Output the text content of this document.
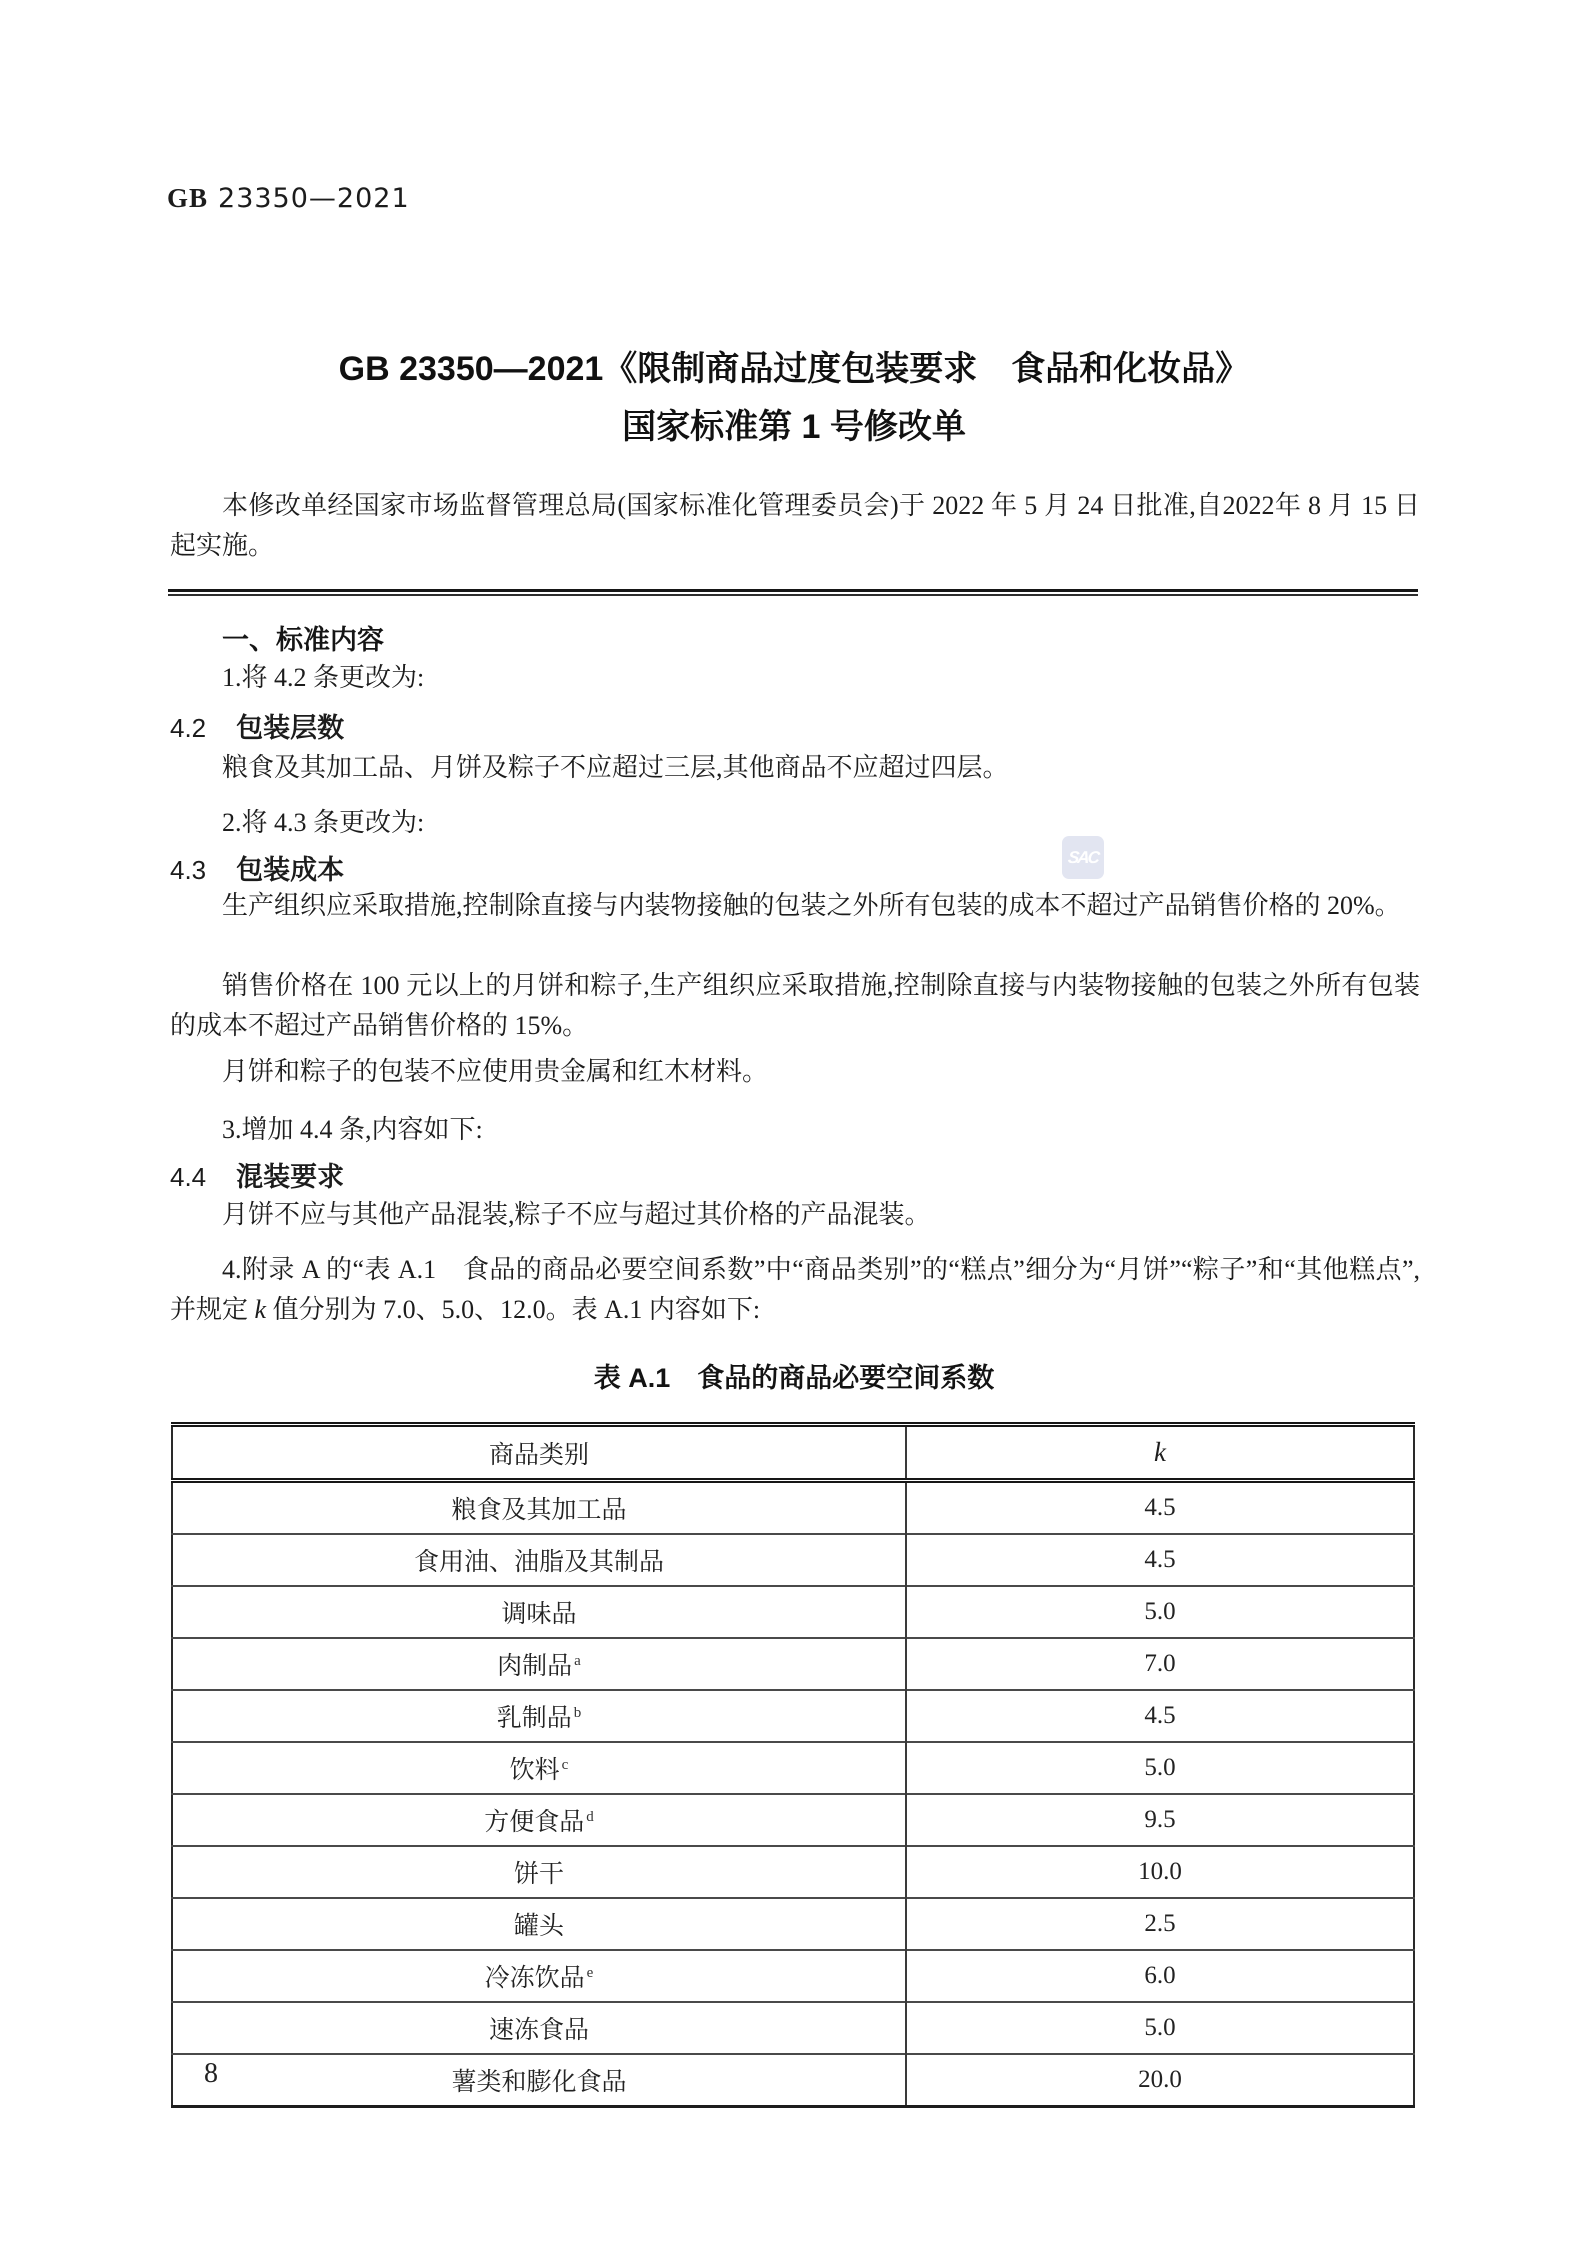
GB 23350—2021
SAC
GB 23350—2021《限制商品过度包装要求　食品和化妆品》
国家标准第 1 号修改单
本修改单经国家市场监督管理总局(国家标准化管理委员会)于 2022 年 5 月 24 日批准,自2022年 8 月 15 日起实施。
一、标准内容
1.将 4.2 条更改为:
4.2 包装层数
粮食及其加工品、月饼及粽子不应超过三层,其他商品不应超过四层。
2.将 4.3 条更改为:
4.3 包装成本
生产组织应采取措施,控制除直接与内装物接触的包装之外所有包装的成本不超过产品销售价格的 20%。
销售价格在 100 元以上的月饼和粽子,生产组织应采取措施,控制除直接与内装物接触的包装之外所有包装的成本不超过产品销售价格的 15%。
月饼和粽子的包装不应使用贵金属和红木材料。
3.增加 4.4 条,内容如下:
4.4 混装要求
月饼不应与其他产品混装,粽子不应与超过其价格的产品混装。
4.附录 A 的“表 A.1　食品的商品必要空间系数”中“商品类别”的“糕点”细分为“月饼”“粽子”和“其他糕点”,并规定 k 值分别为 7.0、5.0、12.0。表 A.1 内容如下:
表 A.1　食品的商品必要空间系数
商品类别	k
粮食及其加工品	4.5
食用油、油脂及其制品	4.5
调味品	5.0
肉制品 $^a$	7.0
乳制品 $^b$	4.5
饮料 $^c$	5.0
方便食品 $^d$	9.5
饼干	10.0
罐头	2.5
冷冻饮品 $^e$	6.0
速冻食品	5.0
薯类和膨化食品	20.0
8
